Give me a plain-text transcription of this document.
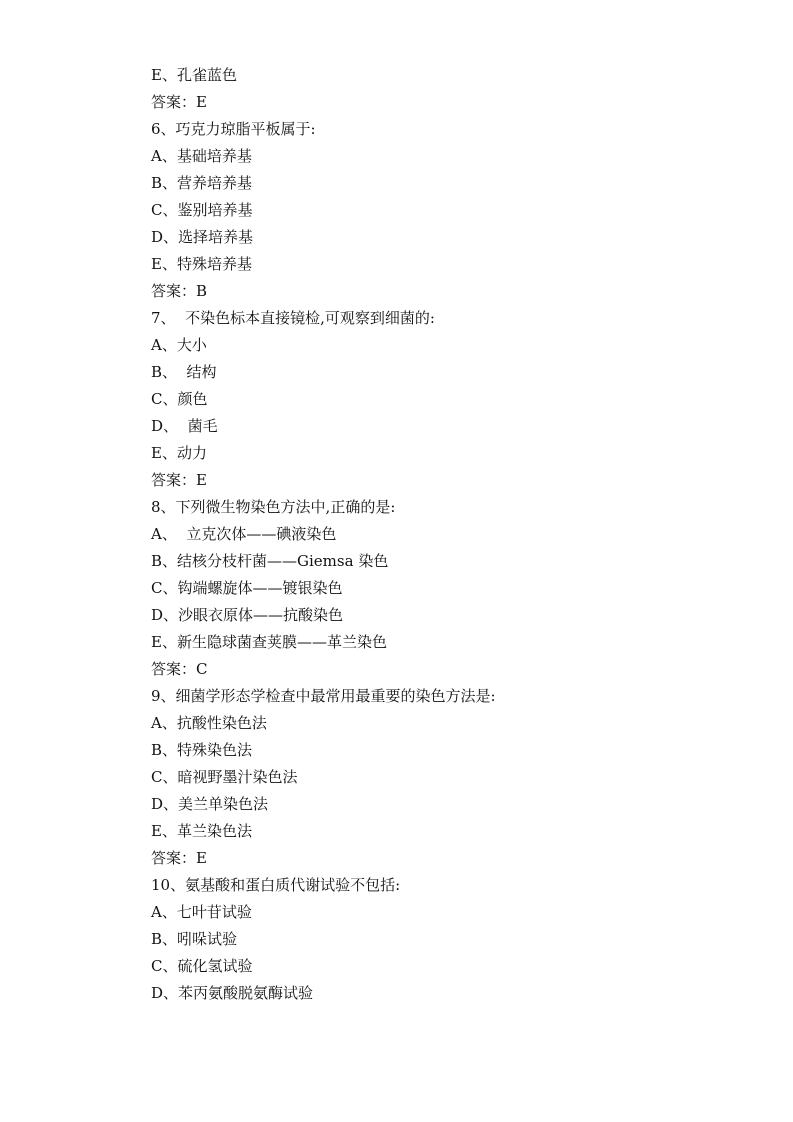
E、孔雀蓝色
答案：E
6、巧克力琼脂平板属于:
A、基础培养基
B、营养培养基
C、鉴别培养基
D、选择培养基
E、特殊培养基
答案：B
7、  不染色标本直接镜检,可观察到细菌的:
A、大小
B、  结构
C、颜色
D、  菌毛
E、动力
答案：E
8、下列微生物染色方法中,正确的是:
A、  立克次体——碘液染色
B、结核分枝杆菌——Giemsa 染色
C、钩端螺旋体——镀银染色
D、沙眼衣原体——抗酸染色
E、新生隐球菌查荚膜——革兰染色
答案：C
9、细菌学形态学检查中最常用最重要的染色方法是:
A、抗酸性染色法
B、特殊染色法
C、暗视野墨汁染色法
D、美兰单染色法
E、革兰染色法
答案：E
10、氨基酸和蛋白质代谢试验不包括:
A、七叶苷试验
B、吲哚试验
C、硫化氢试验
D、苯丙氨酸脱氨酶试验
